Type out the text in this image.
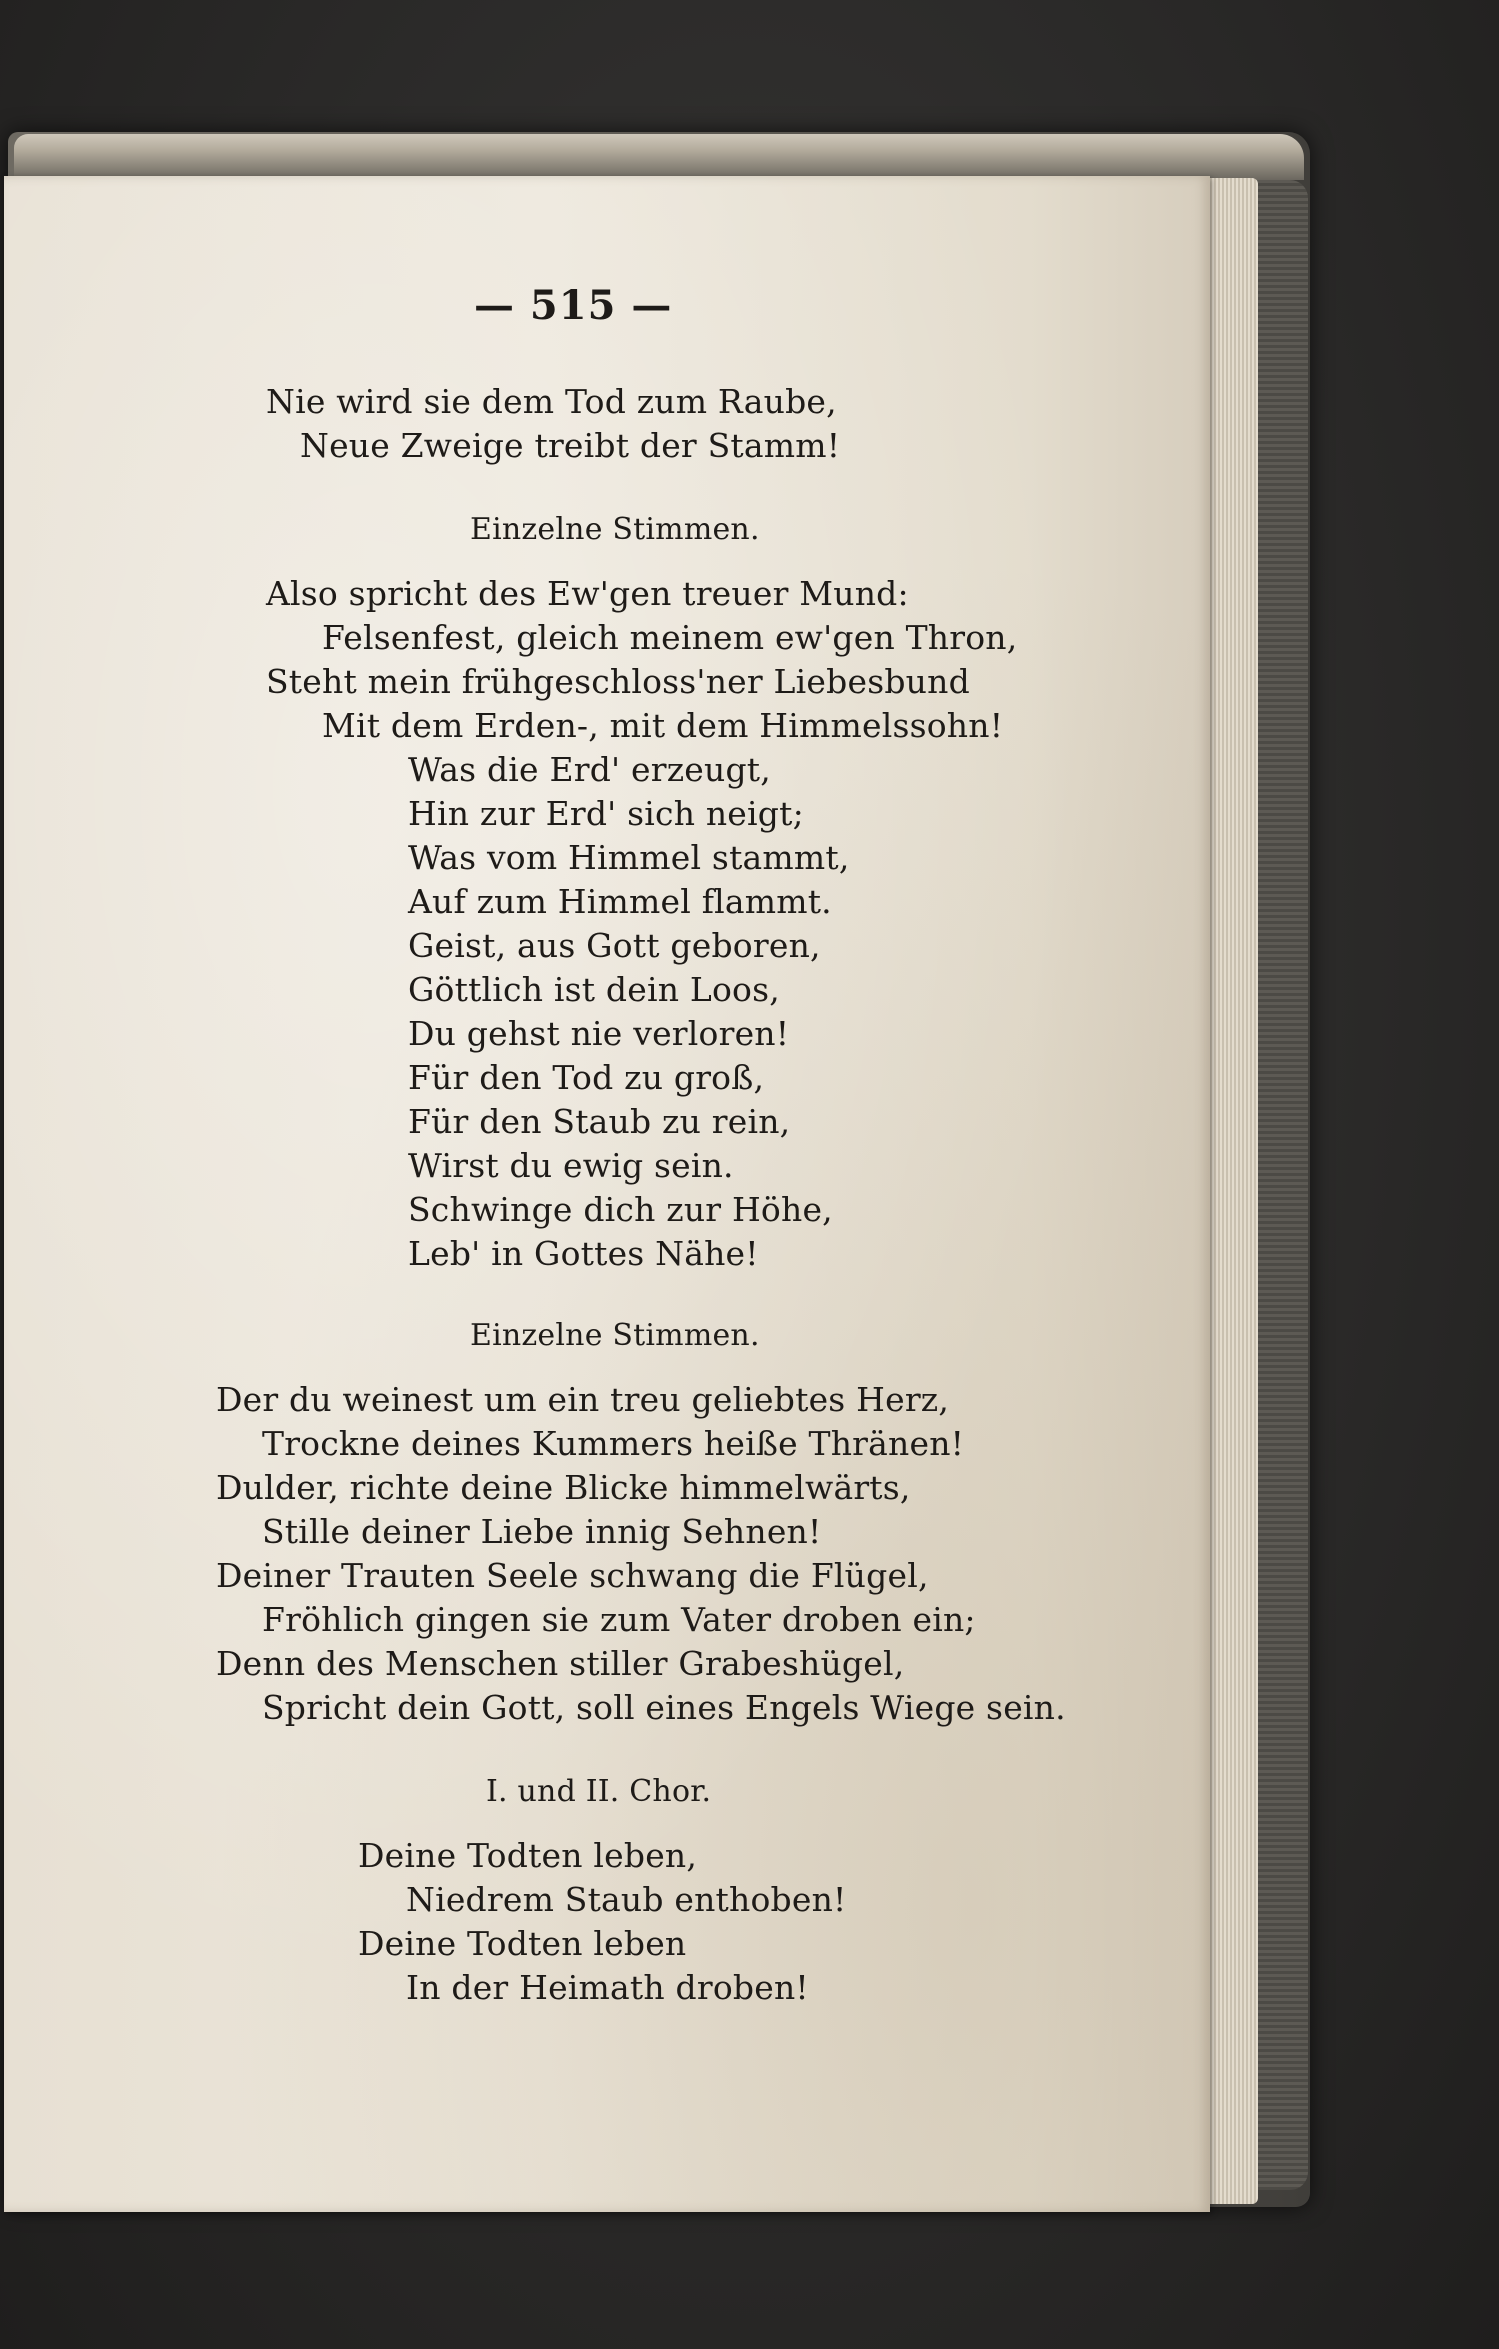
— 515 —

Nie wird sie dem Tod zum Raube,

Neue Zweige treibt der Stamm!

Einzelne Stimmen.

Also spricht des Ew'gen treuer Mund:

Felsenfest, gleich meinem ew'gen Thron,

Steht mein frühgeschloss'ner Liebesbund

Mit dem Erden-, mit dem Himmelssohn!

Was die Erd' erzeugt,

Hin zur Erd' sich neigt;

Was vom Himmel stammt,

Auf zum Himmel flammt.

Geist, aus Gott geboren,

Göttlich ist dein Loos,

Du gehst nie verloren!

Für den Tod zu groß,

Für den Staub zu rein,

Wirst du ewig sein.

Schwinge dich zur Höhe,

Leb' in Gottes Nähe!

Einzelne Stimmen.

Der du weinest um ein treu geliebtes Herz,

Trockne deines Kummers heiße Thränen!

Dulder, richte deine Blicke himmelwärts,

Stille deiner Liebe innig Sehnen!

Deiner Trauten Seele schwang die Flügel,

Fröhlich gingen sie zum Vater droben ein;

Denn des Menschen stiller Grabeshügel,

Spricht dein Gott, soll eines Engels Wiege sein.

I. und II. Chor.

Deine Todten leben,

Niedrem Staub enthoben!

Deine Todten leben

In der Heimath droben!
